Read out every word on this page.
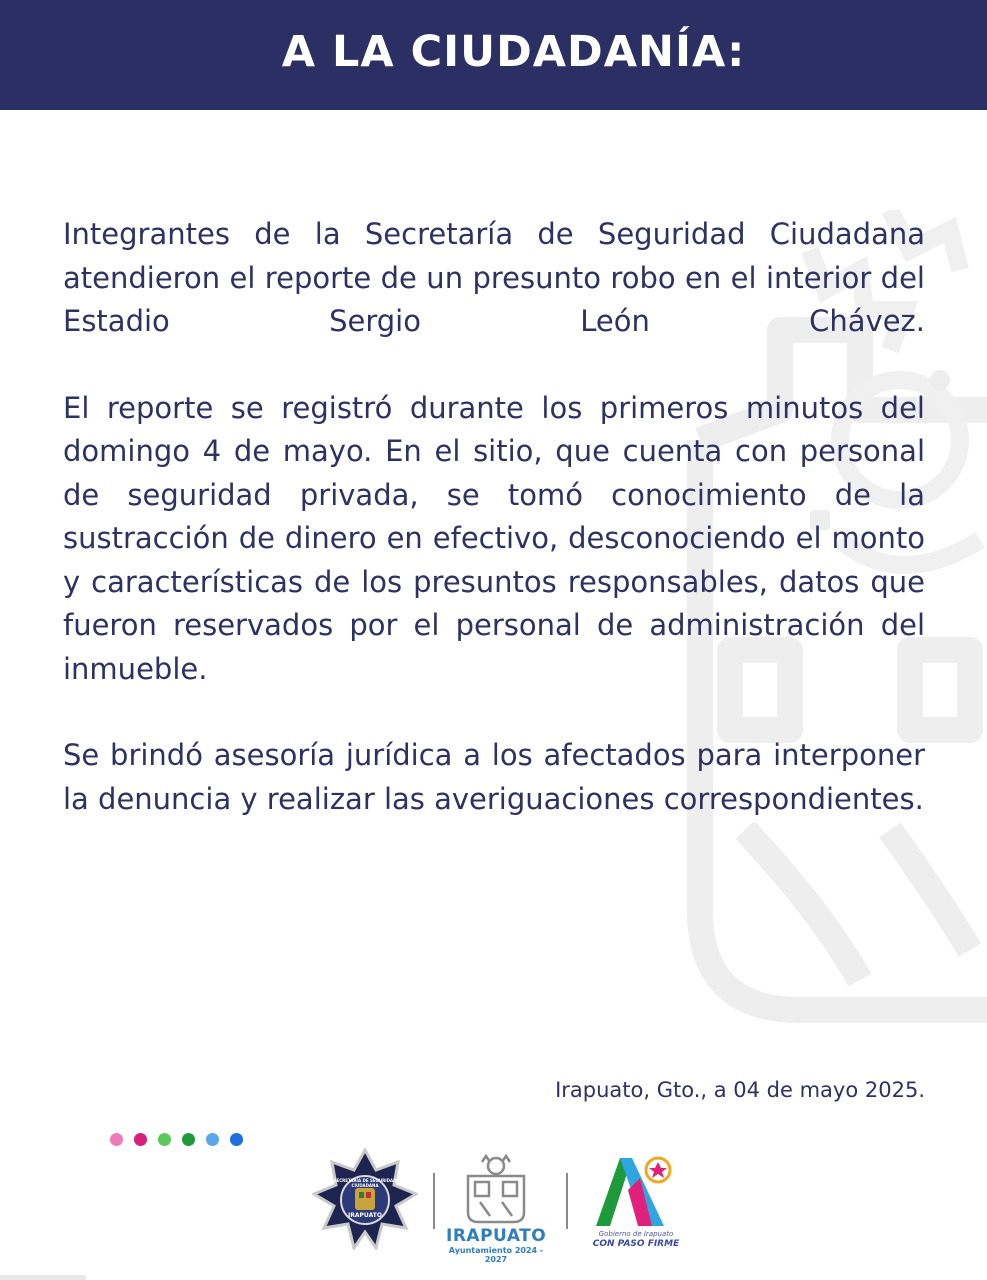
A LA CIUDADANÍA:

Integrantes de la Secretaría de Seguridad Ciudadana atendieron el reporte de un presunto robo en el interior del Estadio Sergio León Chávez.

El reporte se registró durante los primeros minutos del domingo 4 de mayo. En el sitio, que cuenta con personal de seguridad privada, se tomó conocimiento de la sustracción de dinero en efectivo, desconociendo el monto y características de los presuntos responsables, datos que fueron reservados por el personal de administración del inmueble.

Se brindó asesoría jurídica a los afectados para interponer la denuncia y realizar las averiguaciones correspondientes.

Irapuato, Gto., a 04 de mayo 2025.
SECRETARÍA DE SEGURIDAD CIUDADANA
IRAPUATO
IRAPUATO
Ayuntamiento 2024 - 2027
Gobierno de Irapuato
CON PASO FIRME
